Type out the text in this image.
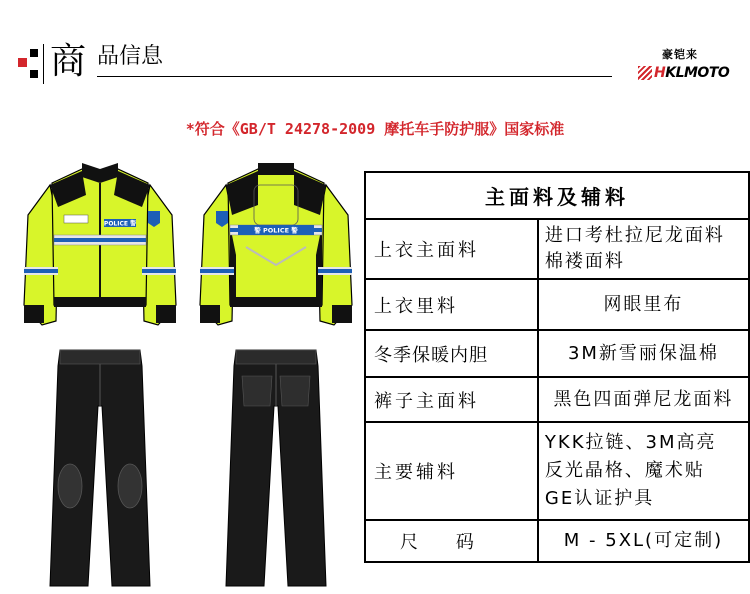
商 品信息	豪铠来
HKLMOTO
*符合《GB/T 24278-2009 摩托车手防护服》国家标准
POLICE 警
警 POLICE 警
主面料及辅料	
上衣主面料	进口考杜拉尼龙面料
棉褛面料

上衣里料	网眼里布

冬季保暖内胆	3M新雪丽保温棉

裤子主面料	黑色四面弹尼龙面料

主要辅料	YKK拉链、3M高亮
反光晶格、魔术贴
GE认证护具

尺    码	M - 5XL(可定制)
